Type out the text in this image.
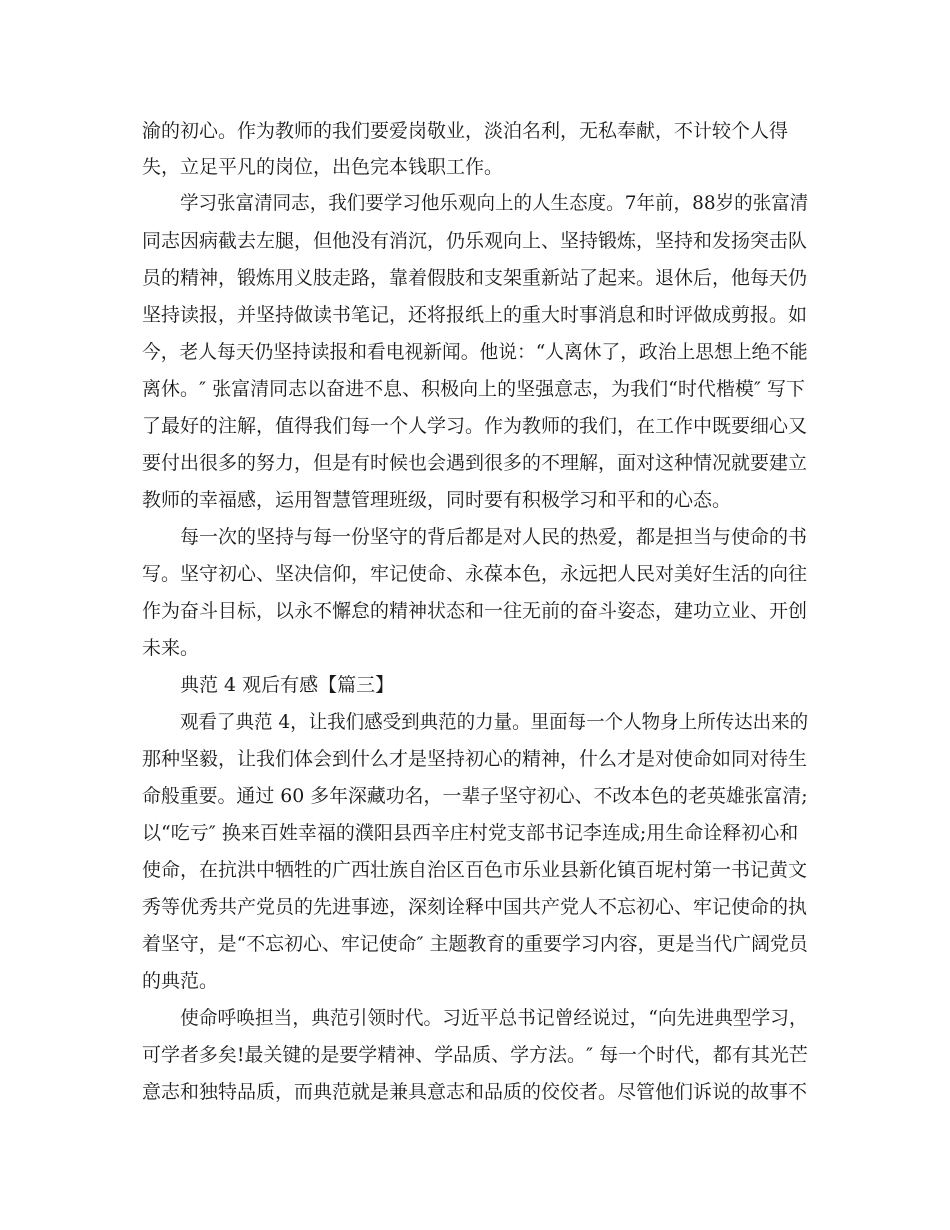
渝的初心。作为教师的我们要爱岗敬业，淡泊名利，无私奉献，不计较个人得
失，立足平凡的岗位，出色完本钱职工作。
学习张富清同志，我们要学习他乐观向上的人生态度。7年前，88岁的张富清
同志因病截去左腿，但他没有消沉，仍乐观向上、坚持锻炼，坚持和发扬突击队
员的精神，锻炼用义肢走路，靠着假肢和支架重新站了起来。退休后，他每天仍
坚持读报，并坚持做读书笔记，还将报纸上的重大时事消息和时评做成剪报。如
今，老人每天仍坚持读报和看电视新闻。他说：“人离休了，政治上思想上绝不能
离休。″ 张富清同志以奋进不息、积极向上的坚强意志，为我们“时代楷模″ 写下
了最好的注解，值得我们每一个人学习。作为教师的我们，在工作中既要细心又
要付出很多的努力，但是有时候也会遇到很多的不理解，面对这种情况就要建立
教师的幸福感，运用智慧管理班级，同时要有积极学习和平和的心态。
每一次的坚持与每一份坚守的背后都是对人民的热爱，都是担当与使命的书
写。坚守初心、坚决信仰，牢记使命、永葆本色，永远把人民对美好生活的向往
作为奋斗目标，以永不懈怠的精神状态和一往无前的奋斗姿态，建功立业、开创
未来。
典范 4 观后有感【篇三】
观看了典范 4，让我们感受到典范的力量。里面每一个人物身上所传达出来的
那种坚毅，让我们体会到什么才是坚持初心的精神，什么才是对使命如同对待生
命般重要。通过 60 多年深藏功名，一辈子坚守初心、不改本色的老英雄张富清;
以“吃亏″ 换来百姓幸福的濮阳县西辛庄村党支部书记李连成;用生命诠释初心和
使命，在抗洪中牺牲的广西壮族自治区百色市乐业县新化镇百坭村第一书记黄文
秀等优秀共产党员的先进事迹，深刻诠释中国共产党人不忘初心、牢记使命的执
着坚守，是“不忘初心、牢记使命″ 主题教育的重要学习内容，更是当代广阔党员
的典范。
使命呼唤担当，典范引领时代。习近平总书记曾经说过，“向先进典型学习，
可学者多矣!最关键的是要学精神、学品质、学方法。″ 每一个时代，都有其光芒
意志和独特品质，而典范就是兼具意志和品质的佼佼者。尽管他们诉说的故事不
